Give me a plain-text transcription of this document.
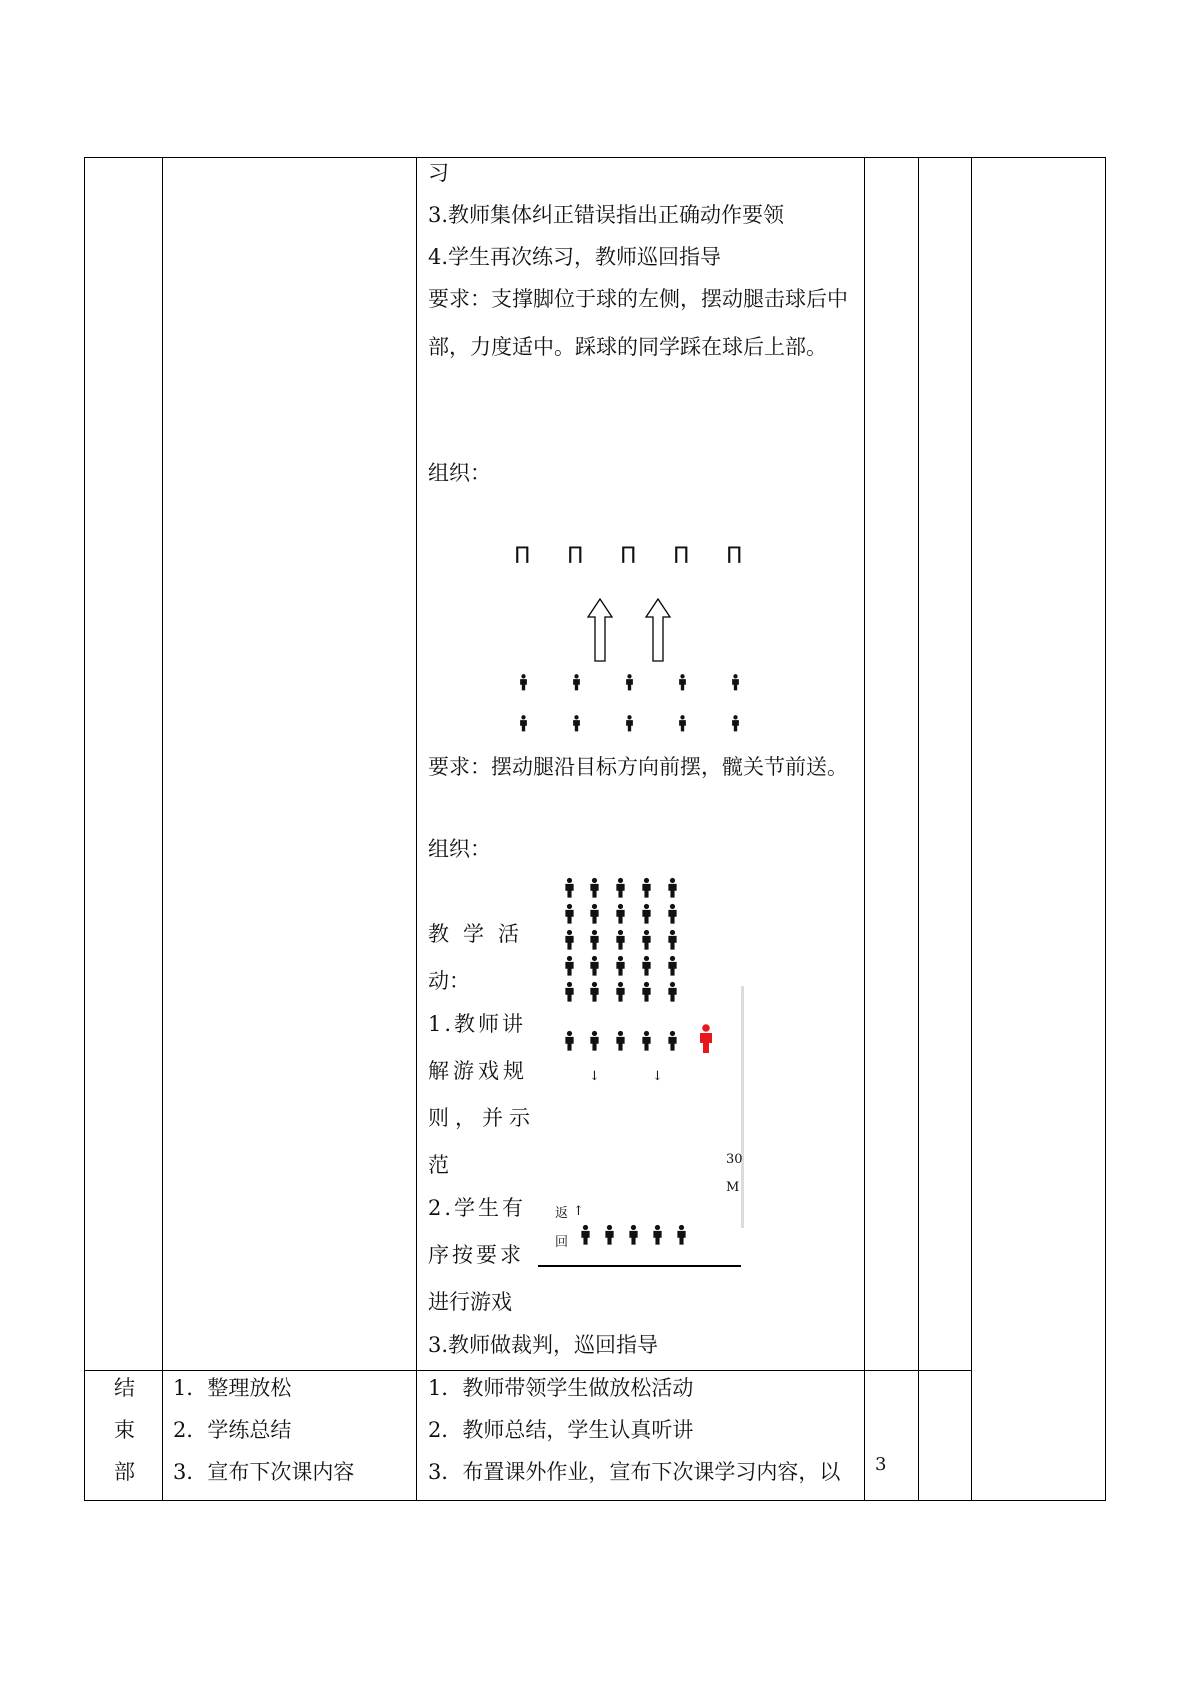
习
3.教师集体纠正错误指出正确动作要领
4.学生再次练习，教师巡回指导
要求：支撑脚位于球的左侧，摆动腿击球后中
部，力度适中。踩球的同学踩在球后上部。
组织：
Π Π Π Π Π
要求：摆动腿沿目标方向前摆，髋关节前送。
组织：
教学活
动：
1.教师讲
解游戏规
则，并示
范
2.学生有
序按要求
进行游戏
3.教师做裁判，巡回指导
30
M
返 ↑
回
↓	↓
结
束
部
1．整理放松
2．学练总结
3．宣布下次课内容
1．教师带领学生做放松活动
2．教师总结，学生认真听讲
3．布置课外作业，宣布下次课学习内容，以 3
